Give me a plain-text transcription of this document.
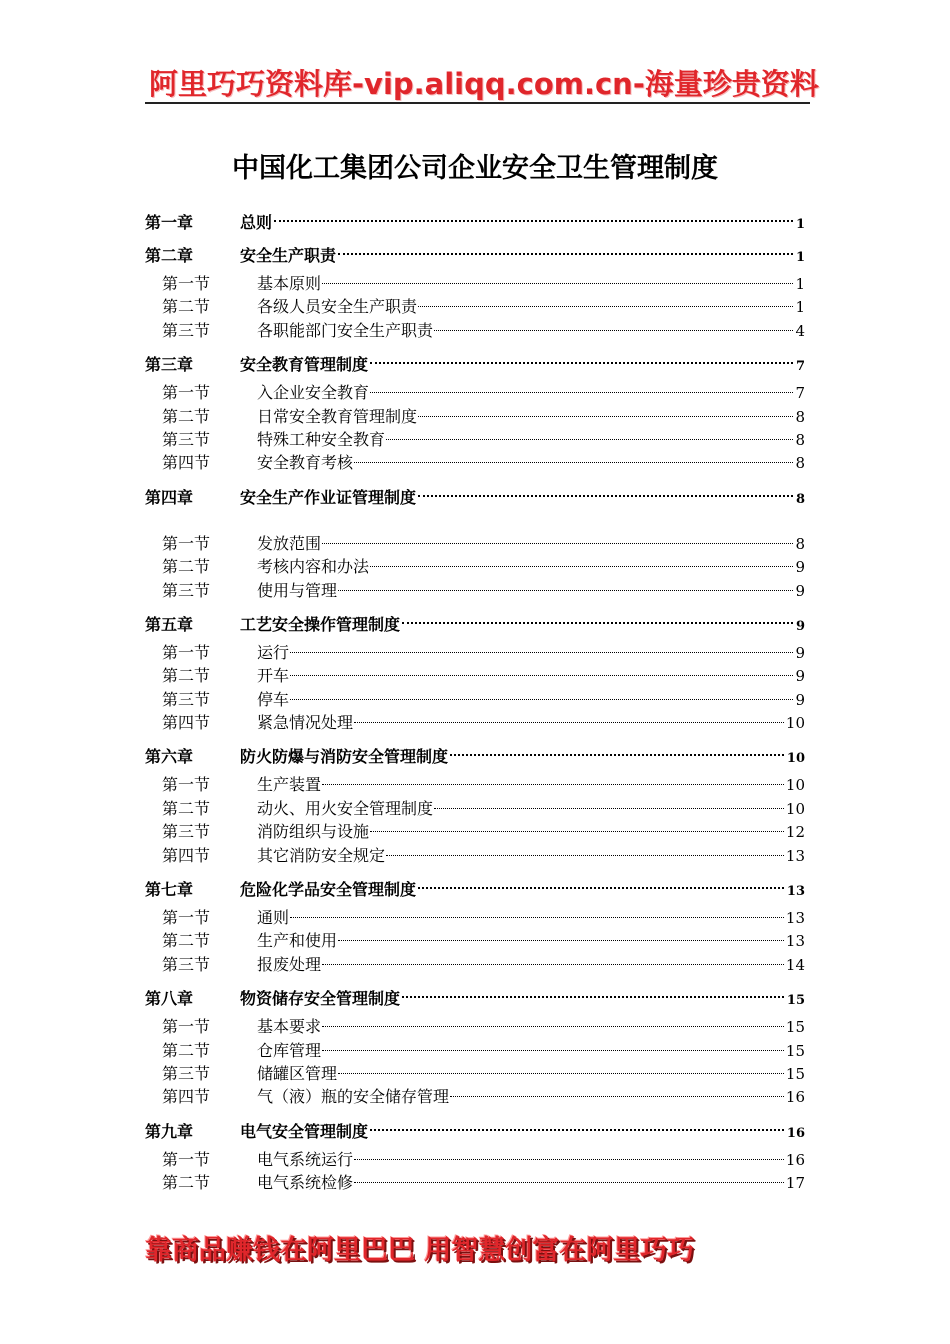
阿里巧巧资料库-vip.aliqq.com.cn-海量珍贵资料
中国化工集团公司企业安全卫生管理制度
第一章	总则	1
第二章	安全生产职责	1
第一节	基本原则	1
第二节	各级人员安全生产职责	1
第三节	各职能部门安全生产职责	4
第三章	安全教育管理制度	7
第一节	入企业安全教育	7
第二节	日常安全教育管理制度	8
第三节	特殊工种安全教育	8
第四节	安全教育考核	8
第四章	安全生产作业证管理制度	8
第一节	发放范围	8
第二节	考核内容和办法	9
第三节	使用与管理	9
第五章	工艺安全操作管理制度	9
第一节	运行	9
第二节	开车	9
第三节	停车	9
第四节	紧急情况处理	10
第六章	防火防爆与消防安全管理制度	10
第一节	生产装置	10
第二节	动火、用火安全管理制度	10
第三节	消防组织与设施	12
第四节	其它消防安全规定	13
第七章	危险化学品安全管理制度	13
第一节	通则	13
第二节	生产和使用	13
第三节	报废处理	14
第八章	物资储存安全管理制度	15
第一节	基本要求	15
第二节	仓库管理	15
第三节	储罐区管理	15
第四节	气（液）瓶的安全储存管理	16
第九章	电气安全管理制度	16
第一节	电气系统运行	16
第二节	电气系统检修	17
靠商品赚钱在阿里巴巴 用智慧创富在阿里巧巧
